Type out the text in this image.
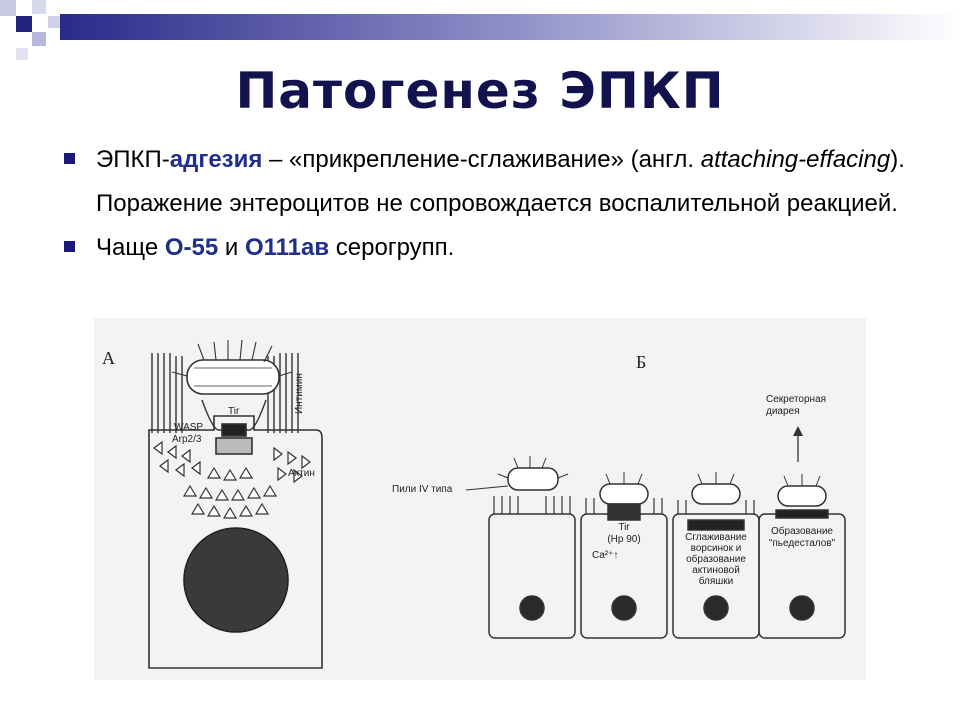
Патогенез ЭПКП
ЭПКП-адгезия – «прикрепление-сглаживание» (англ. attaching-effacing). Поражение энтероцитов не сопровождается воспалительной реакцией.
Чаще О-55 и О111ав серогрупп.
А
Интимин
Tir
WASP
Arp2/3
Актин
Б
Пили IV типа
Секреторная
диарея
Tir
(Hp 90)
Ca²⁺↑
Сглаживание
ворсинок и
образование
актиновой
бляшки
Образование
"пьедесталов"
